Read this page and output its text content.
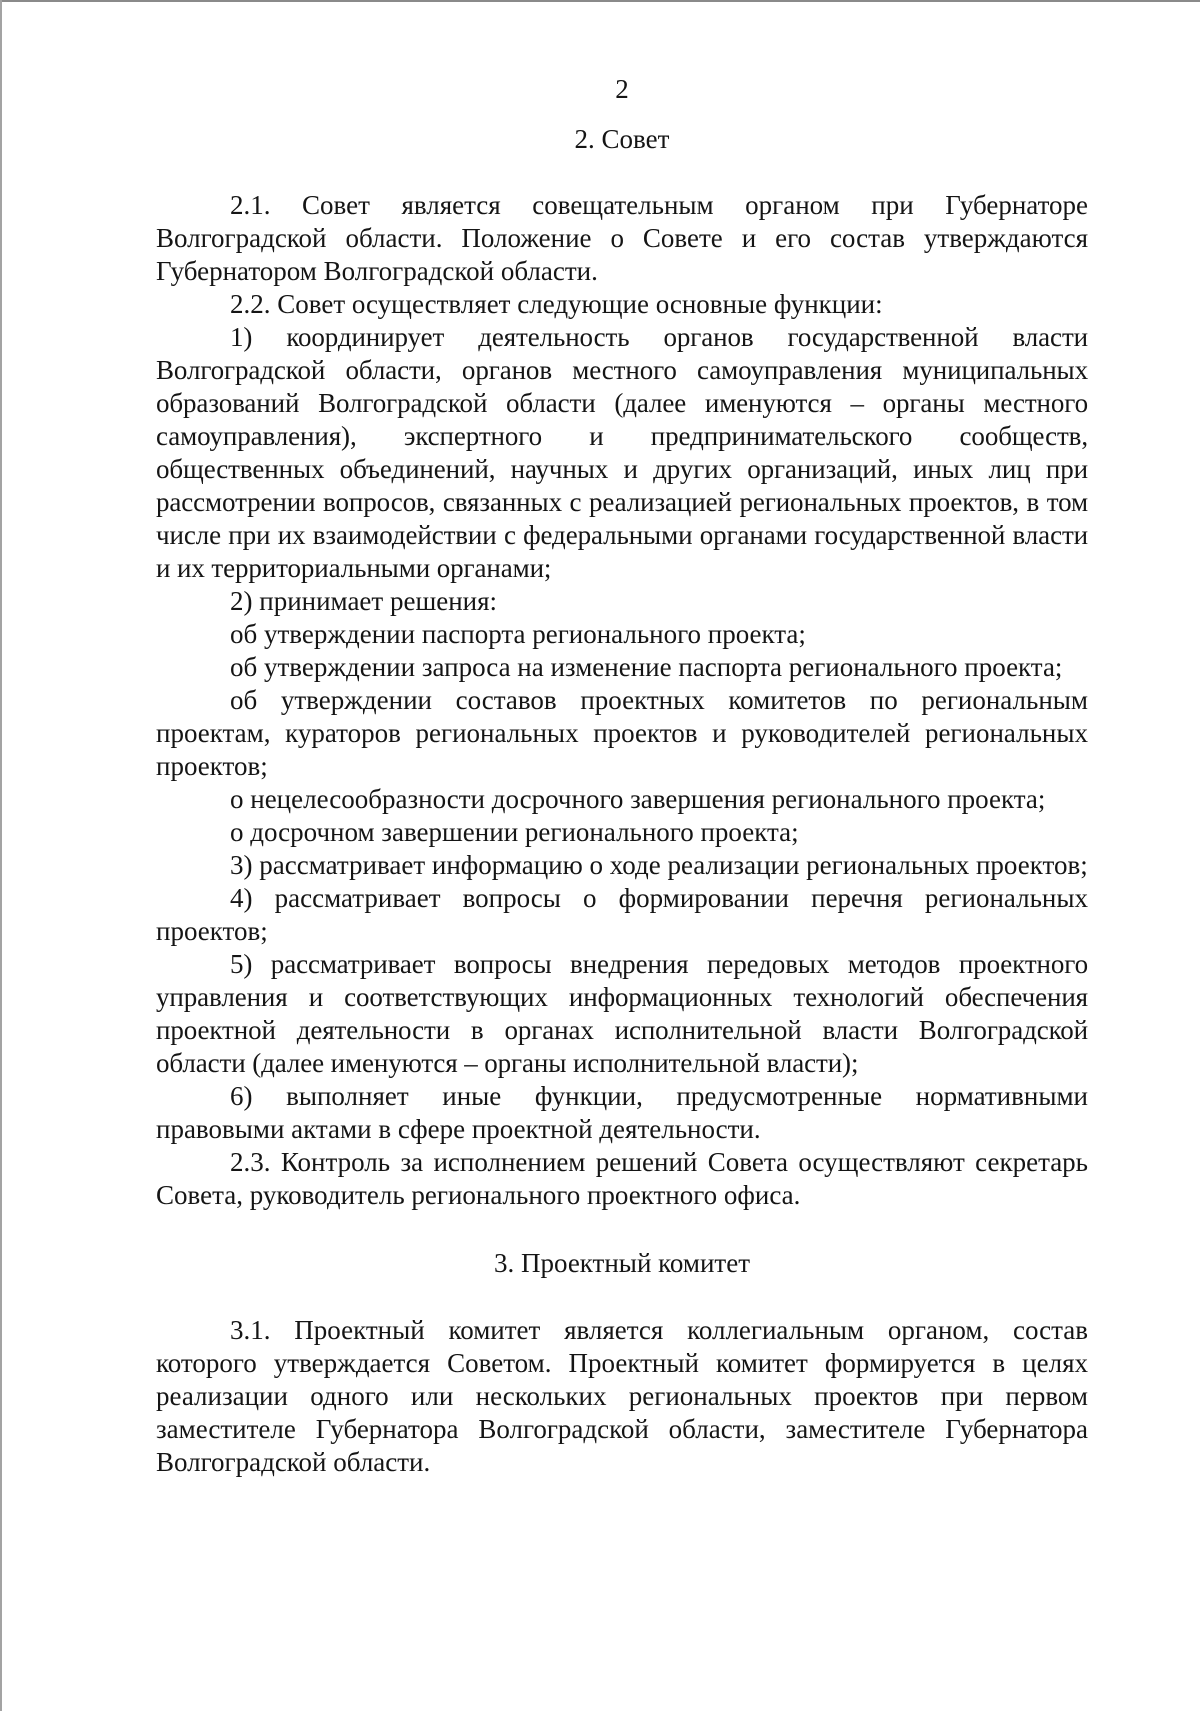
2
2. Совет

2.1. Совет является совещательным органом при Губернаторе Волгоградской области. Положение о Совете и его состав утверждаются Губернатором Волгоградской области.

2.2. Совет осуществляет следующие основные функции:

1) координирует деятельность органов государственной власти Волгоградской области, органов местного самоуправления муниципальных образований Волгоградской области (далее именуются – органы местного самоуправления), экспертного и предпринимательского сообществ, общественных объединений, научных и других организаций, иных лиц при рассмотрении вопросов, связанных с реализацией региональных проектов, в том числе при их взаимодействии с федеральными органами государственной власти и их территориальными органами;

2) принимает решения:

об утверждении паспорта регионального проекта;

об утверждении запроса на изменение паспорта регионального проекта;

об утверждении составов проектных комитетов по региональным проектам, кураторов региональных проектов и руководителей региональных проектов;

о нецелесообразности досрочного завершения регионального проекта;

о досрочном завершении регионального проекта;

3) рассматривает информацию о ходе реализации региональных проектов;

4) рассматривает вопросы о формировании перечня региональных проектов;

5) рассматривает вопросы внедрения передовых методов проектного управления и соответствующих информационных технологий обеспечения проектной деятельности в органах исполнительной власти Волгоградской области (далее именуются – органы исполнительной власти);

6) выполняет иные функции, предусмотренные нормативными правовыми актами в сфере проектной деятельности.

2.3. Контроль за исполнением решений Совета осуществляют секретарь Совета, руководитель регионального проектного офиса.

3. Проектный комитет

3.1. Проектный комитет является коллегиальным органом, состав которого утверждается Советом. Проектный комитет формируется в целях реализации одного или нескольких региональных проектов при первом заместителе Губернатора Волгоградской области, заместителе Губернатора Волгоградской области.
